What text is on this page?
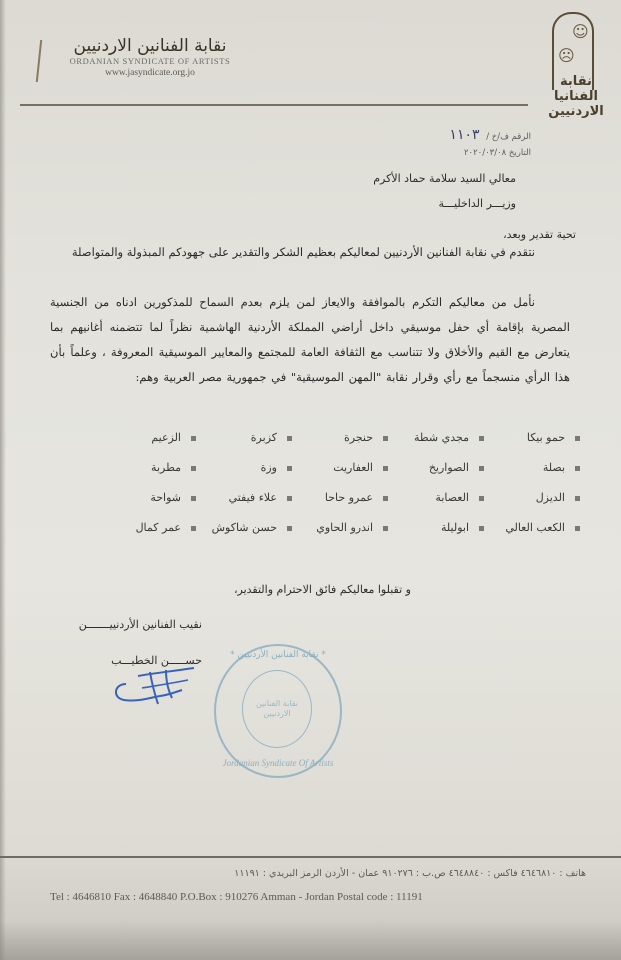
نقابة الفنانين الاردنيين
ORDANIAN SYNDICATE OF ARTISTS
www.jasyndicate.org.jo
☺
☹
نقابة الفنانيا
الاردنيين
الرقم ف/خ / ١١٠٣
التاريخ ٢٠٢٠/٠٣/٠٨
معالي السيد سلامة حماد الأكرم
وزيـــر الداخليـــة
تحية تقدير وبعد،
نتقدم في نقابة الفنانين الأردنيين لمعاليكم بعظيم الشكر والتقدير على جهودكم المبذولة والمتواصلة
نأمل من معاليكم التكرم بالموافقة والايعاز لمن يلزم بعدم السماح للمذكورين ادناه من الجنسية المصرية بإقامة أي حفل موسيقي داخل أراضي المملكة الأردنية الهاشمية نظراً لما تتضمنه أغانيهم بما يتعارض مع القيم والأخلاق ولا تتناسب مع الثقافة العامة للمجتمع والمعايير الموسيقية المعروفة ، وعلماً بأن هذا الرأي منسجماً مع رأي وقرار نقابة "المهن الموسيقية" في جمهورية مصر العربية وهم:
حمو بيكا
مجدي شطة
حنجرة
كزبرة
الزعيم
بصلة
الصواريخ
العفاريت
وزة
مطربة
الديزل
العصابة
عمرو حاحا
علاء فيفتي
شواحة
الكعب العالي
ابوليلة
اندرو الحاوي
حسن شاكوش
عمر كمال
و تقبلوا معاليكم فائق الاحترام والتقدير،
نقيب الفنانين الأردنييـــــــن
حســـــن الخطيـــب	* نقابة الفنانين الأردنيين *
نقابة الفنانين الاردنيين
Jordanian Syndicate Of Artists
هاتف : ٤٦٤٦٨١٠ فاكس : ٤٦٤٨٨٤٠ ص.ب : ٩١٠٢٧٦ عمان - الأردن الرمز البريدي : ١١١٩١
Tel : 4646810 Fax : 4648840 P.O.Box : 910276 Amman - Jordan Postal code : 11191
